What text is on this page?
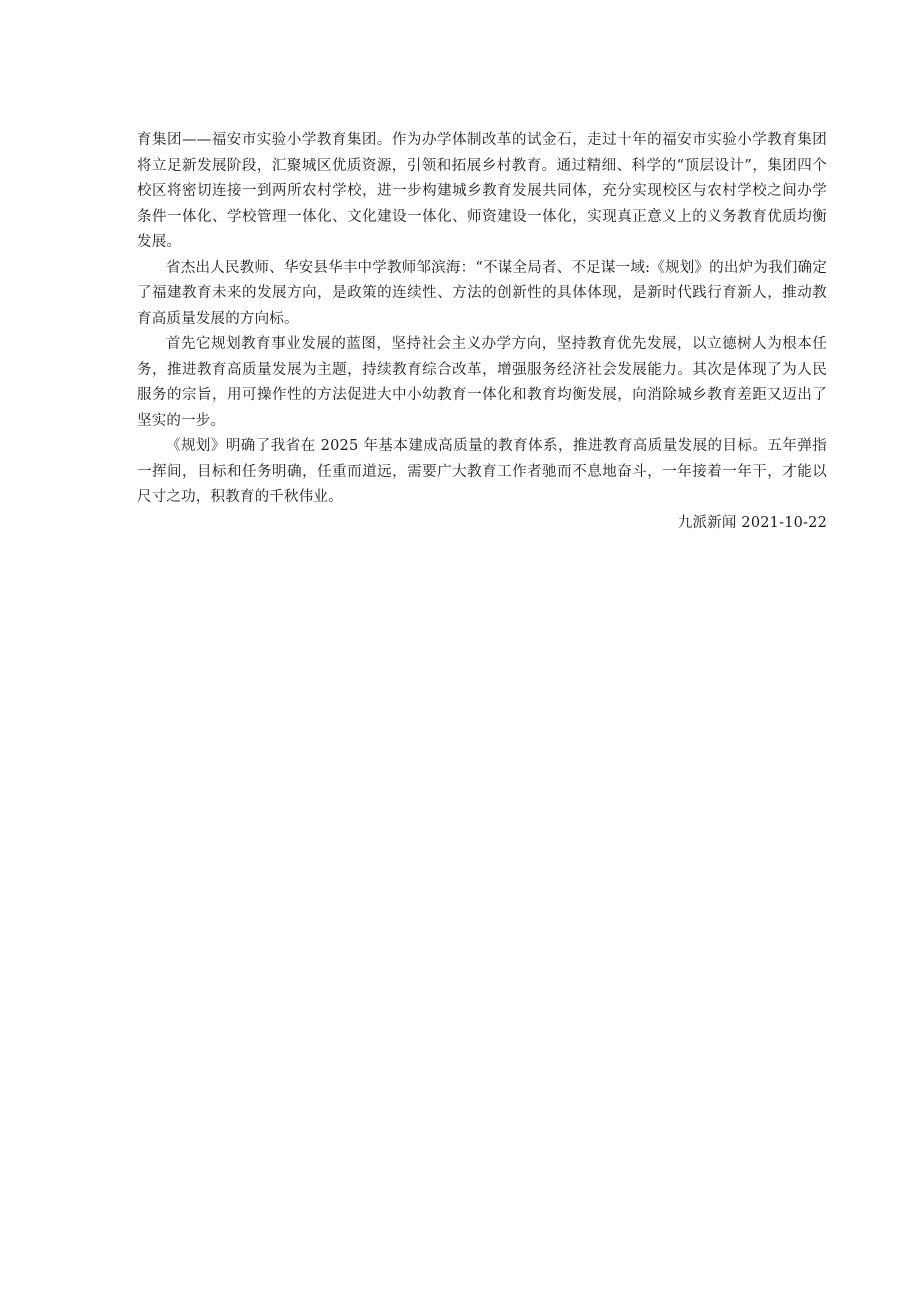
育集团——福安市实验小学教育集团。作为办学体制改革的试金石，走过十年的福安市实验小学教育集团将立足新发展阶段，汇聚城区优质资源，引领和拓展乡村教育。通过精细、科学的“顶层设计”，集团四个校区将密切连接一到两所农村学校，进一步构建城乡教育发展共同体，充分实现校区与农村学校之间办学条件一体化、学校管理一体化、文化建设一体化、师资建设一体化，实现真正意义上的义务教育优质均衡发展。

省杰出人民教师、华安县华丰中学教师邹滨海：“不谋全局者、不足谋一域:《规划》的出炉为我们确定了福建教育未来的发展方向，是政策的连续性、方法的创新性的具体体现，是新时代践行育新人，推动教育高质量发展的方向标。

首先它规划教育事业发展的蓝图，坚持社会主义办学方向，坚持教育优先发展，以立德树人为根本任务，推进教育高质量发展为主题，持续教育综合改革，增强服务经济社会发展能力。其次是体现了为人民服务的宗旨，用可操作性的方法促进大中小幼教育一体化和教育均衡发展，向消除城乡教育差距又迈出了坚实的一步。

《规划》明确了我省在 2025 年基本建成高质量的教育体系，推进教育高质量发展的目标。五年弹指一挥间，目标和任务明确，任重而道远，需要广大教育工作者驰而不息地奋斗，一年接着一年干，才能以尺寸之功，积教育的千秋伟业。

九派新闻 2021-10-22
